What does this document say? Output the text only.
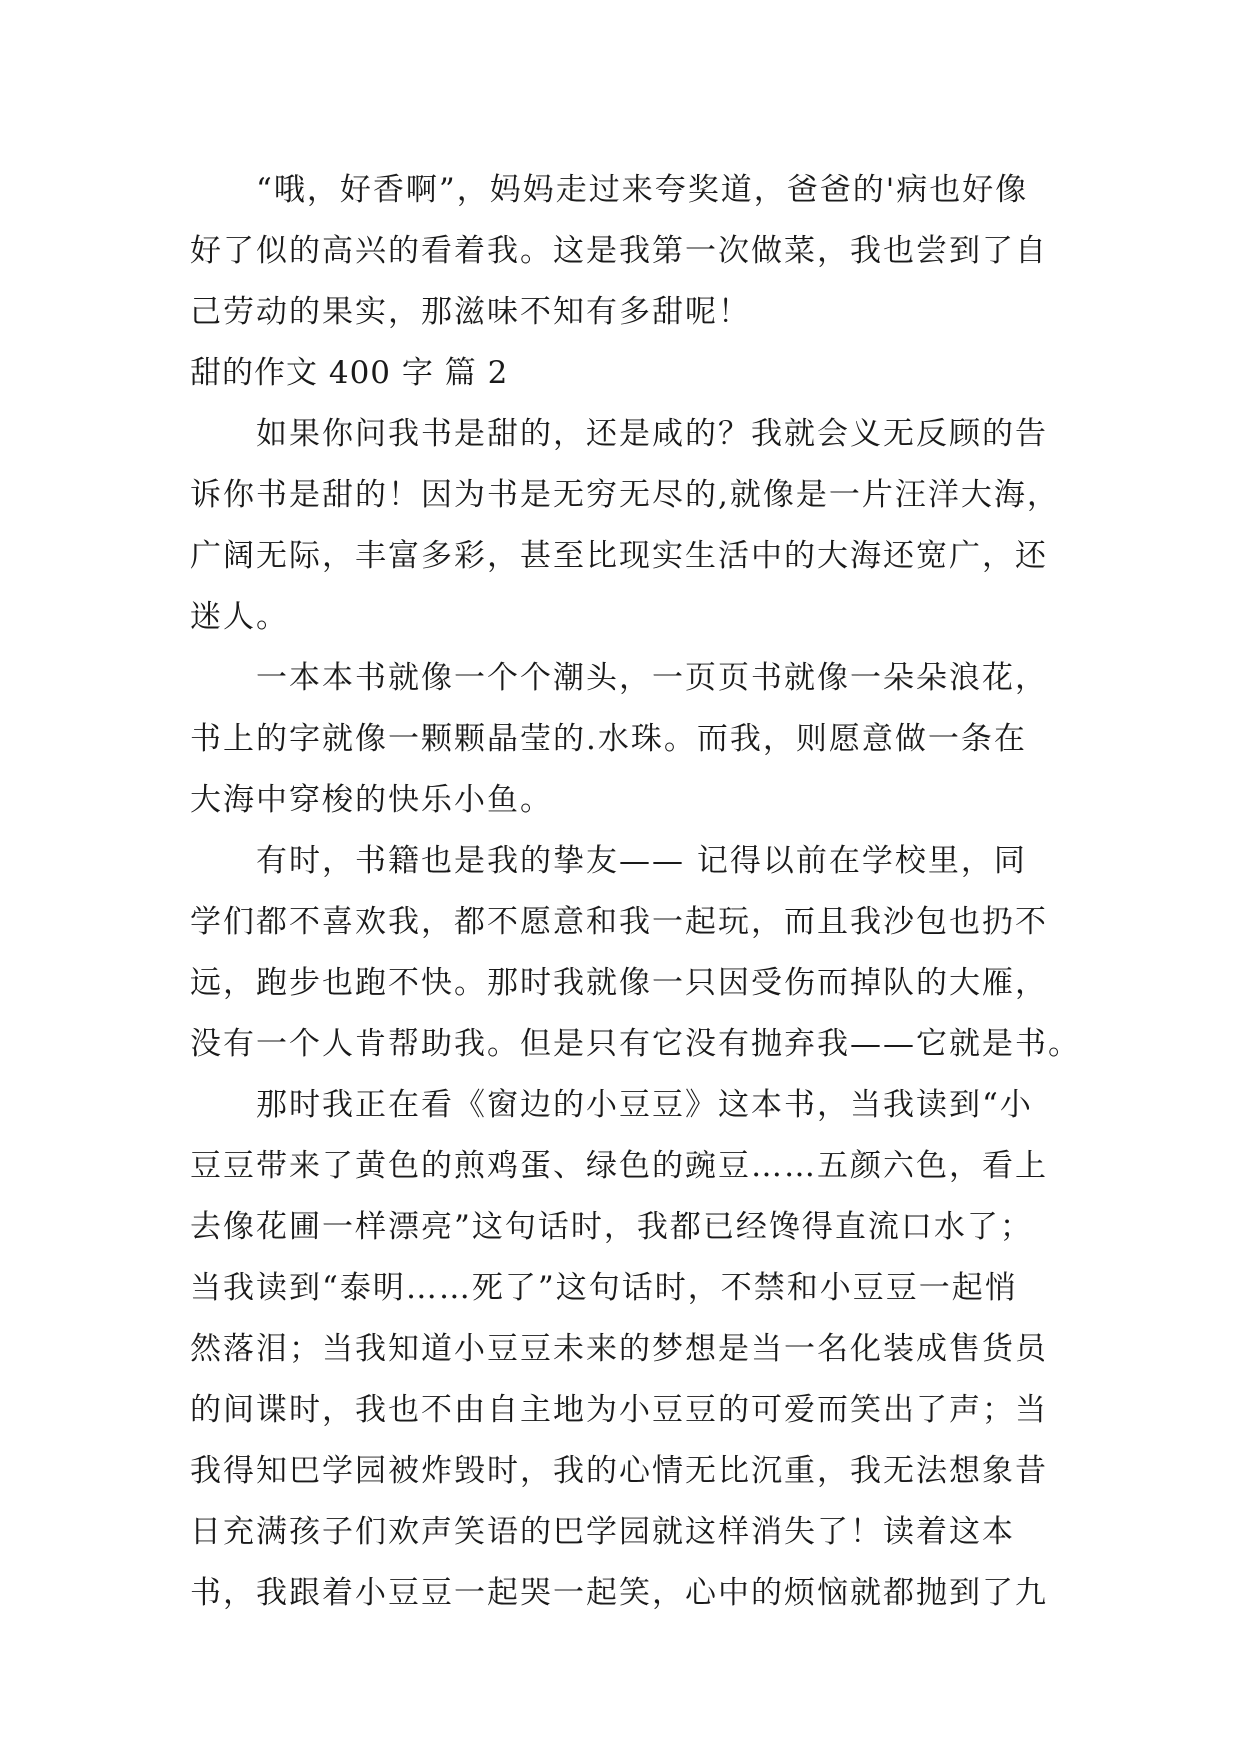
　　“哦，好香啊”，妈妈走过来夸奖道，爸爸的'病也好像
好了似的高兴的看着我。这是我第一次做菜，我也尝到了自
己劳动的果实，那滋味不知有多甜呢！
甜的作文 400 字 篇 2
　　如果你问我书是甜的，还是咸的？我就会义无反顾的告
诉你书是甜的！因为书是无穷无尽的,就像是一片汪洋大海，
广阔无际，丰富多彩，甚至比现实生活中的大海还宽广，还
迷人。
　　一本本书就像一个个潮头，一页页书就像一朵朵浪花，
书上的字就像一颗颗晶莹的.水珠。而我，则愿意做一条在
大海中穿梭的快乐小鱼。
　　有时，书籍也是我的挚友—— 记得以前在学校里，同
学们都不喜欢我，都不愿意和我一起玩，而且我沙包也扔不
远，跑步也跑不快。那时我就像一只因受伤而掉队的大雁，
没有一个人肯帮助我。但是只有它没有抛弃我——它就是书。
　　那时我正在看《窗边的小豆豆》这本书，当我读到“小
豆豆带来了黄色的煎鸡蛋、绿色的豌豆……五颜六色，看上
去像花圃一样漂亮”这句话时，我都已经馋得直流口水了；
当我读到“泰明……死了”这句话时，不禁和小豆豆一起悄
然落泪；当我知道小豆豆未来的梦想是当一名化装成售货员
的间谍时，我也不由自主地为小豆豆的可爱而笑出了声；当
我得知巴学园被炸毁时，我的心情无比沉重，我无法想象昔
日充满孩子们欢声笑语的巴学园就这样消失了！读着这本
书，我跟着小豆豆一起哭一起笑，心中的烦恼就都抛到了九
